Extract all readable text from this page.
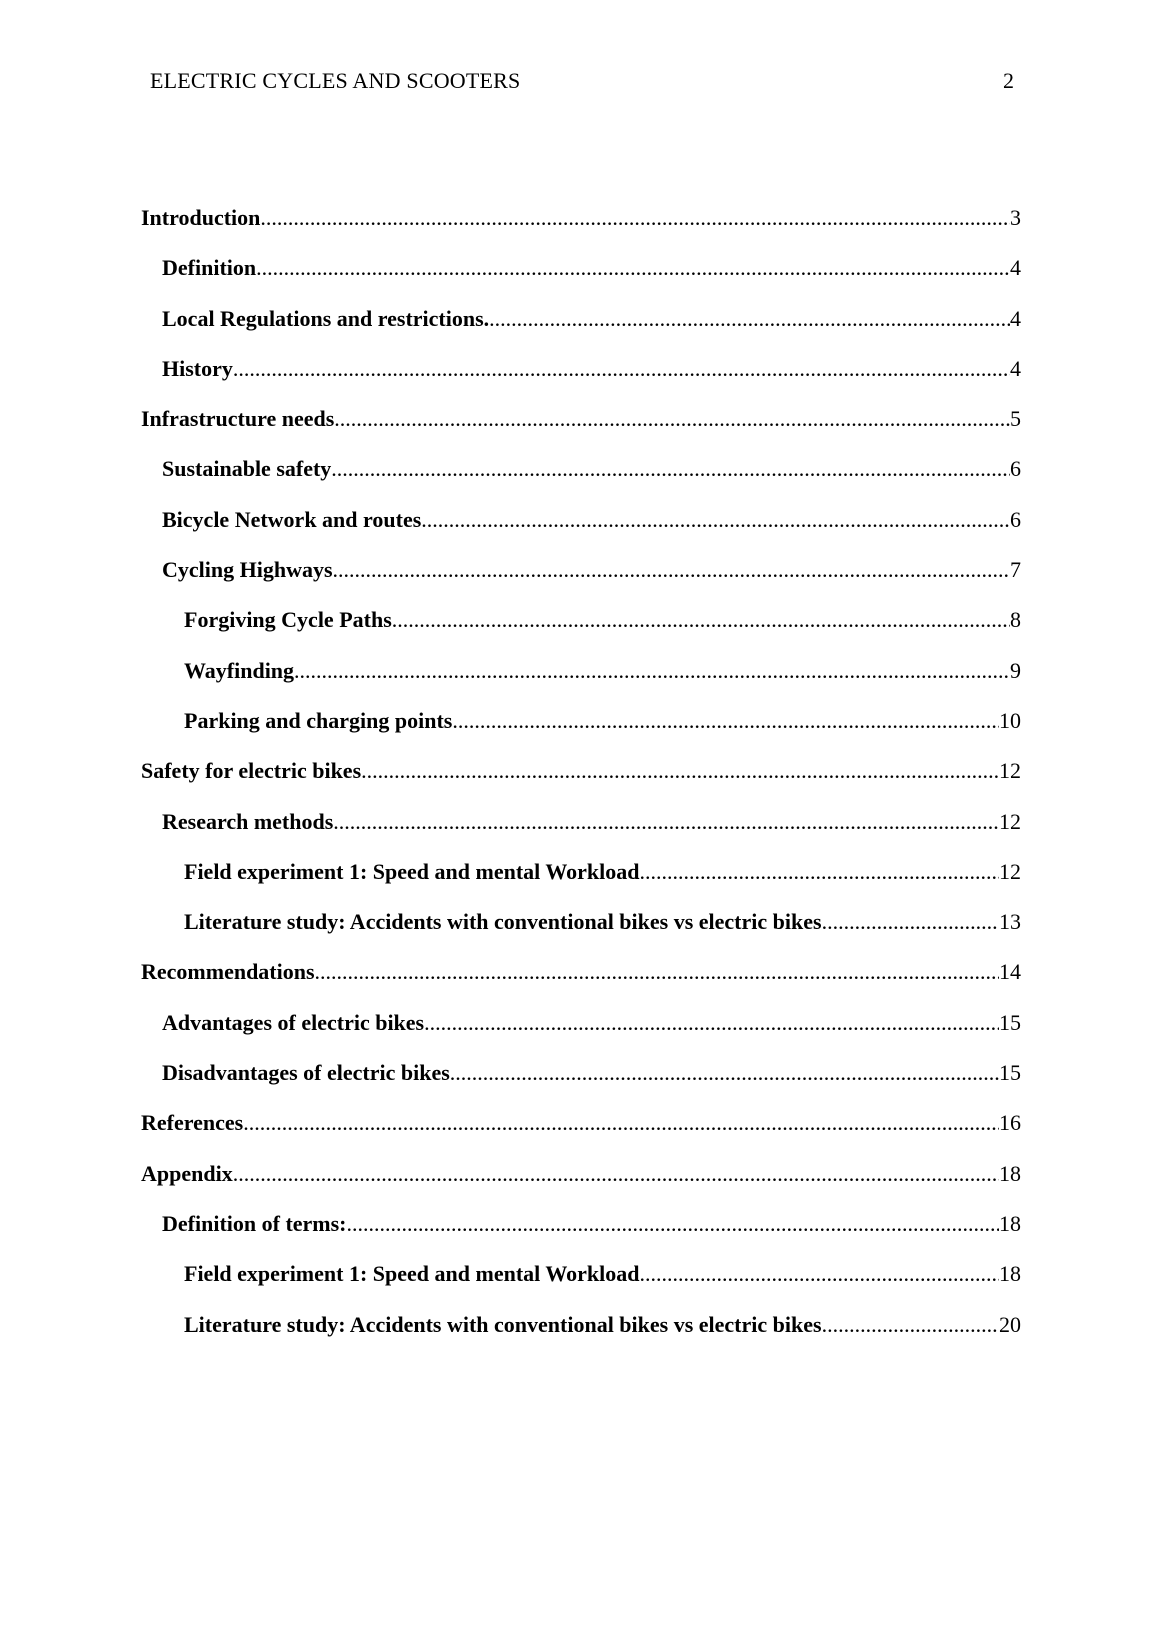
ELECTRIC CYCLES AND SCOOTERS	2
Introduction .....	3
Definition .....	4
Local Regulations and restrictions. .....	4
History .....	4
Infrastructure needs .....	5
Sustainable safety .....	6
Bicycle Network and routes .....	6
Cycling Highways .....	7
Forgiving Cycle Paths .....	8
Wayfinding .....	9
Parking and charging points .....	10
Safety for electric bikes .....	12
Research methods .....	12
Field experiment 1: Speed and mental Workload .....	12
Literature study: Accidents with conventional bikes vs electric bikes .....	13
Recommendations .....	14
Advantages of electric bikes .....	15
Disadvantages of electric bikes .....	15
References .....	16
Appendix .....	18
Definition of terms: .....	18
Field experiment 1: Speed and mental Workload .....	18
Literature study: Accidents with conventional bikes vs electric bikes .....	20
